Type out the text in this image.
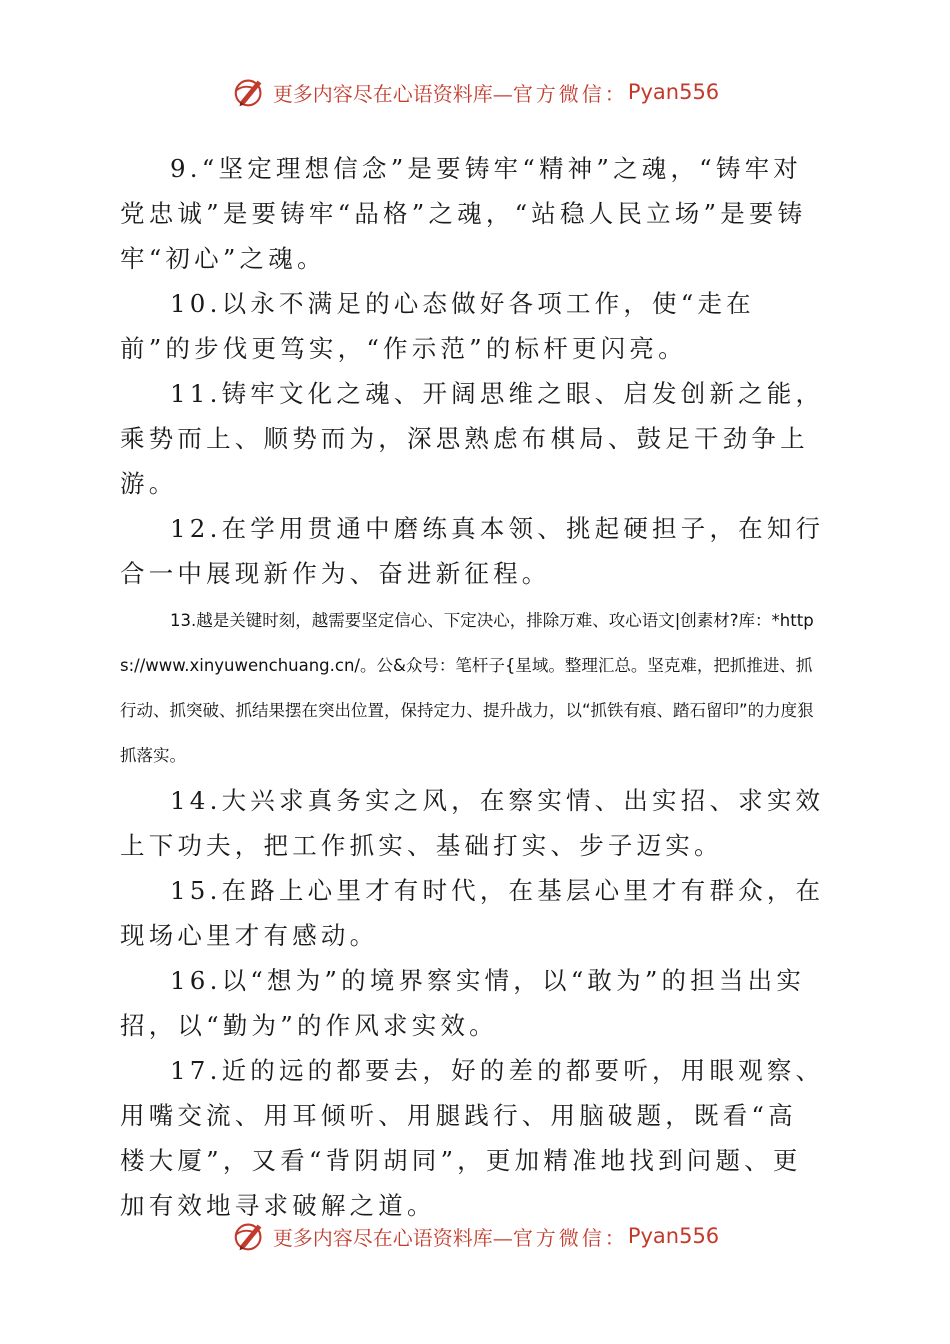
更多内容尽在心语资料库— 官方微信： Pyan556

9.“坚定理想信念”是要铸牢“精神”之魂，“铸牢对党忠诚”是要铸牢“品格”之魂，“站稳人民立场”是要铸牢“初心”之魂。

10.以永不满足的心态做好各项工作，使“走在前”的步伐更笃实，“作示范”的标杆更闪亮。

11.铸牢文化之魂、开阔思维之眼、启发创新之能，乘势而上、顺势而为，深思熟虑布棋局、鼓足干劲争上游。

12.在学用贯通中磨练真本领、挑起硬担子，在知行合一中展现新作为、奋进新征程。

13.越是关键时刻，越需要坚定信心、下定决心，排除万难、攻心语文|创素材?库：*https://www.xinyuwenchuang.cn/。公&众号：笔杆子{星域。整理汇总。坚克难，把抓推进、抓行动、抓突破、抓结果摆在突出位置，保持定力、提升战力，以“抓铁有痕、踏石留印”的力度狠抓落实。

14.大兴求真务实之风，在察实情、出实招、求实效上下功夫，把工作抓实、基础打实、步子迈实。

15.在路上心里才有时代，在基层心里才有群众，在现场心里才有感动。

16.以“想为”的境界察实情，以“敢为”的担当出实招，以“勤为”的作风求实效。

17.近的远的都要去，好的差的都要听，用眼观察、用嘴交流、用耳倾听、用腿践行、用脑破题，既看“高楼大厦”，又看“背阴胡同”，更加精准地找到问题、更加有效地寻求破解之道。

更多内容尽在心语资料库— 官方微信： Pyan556
